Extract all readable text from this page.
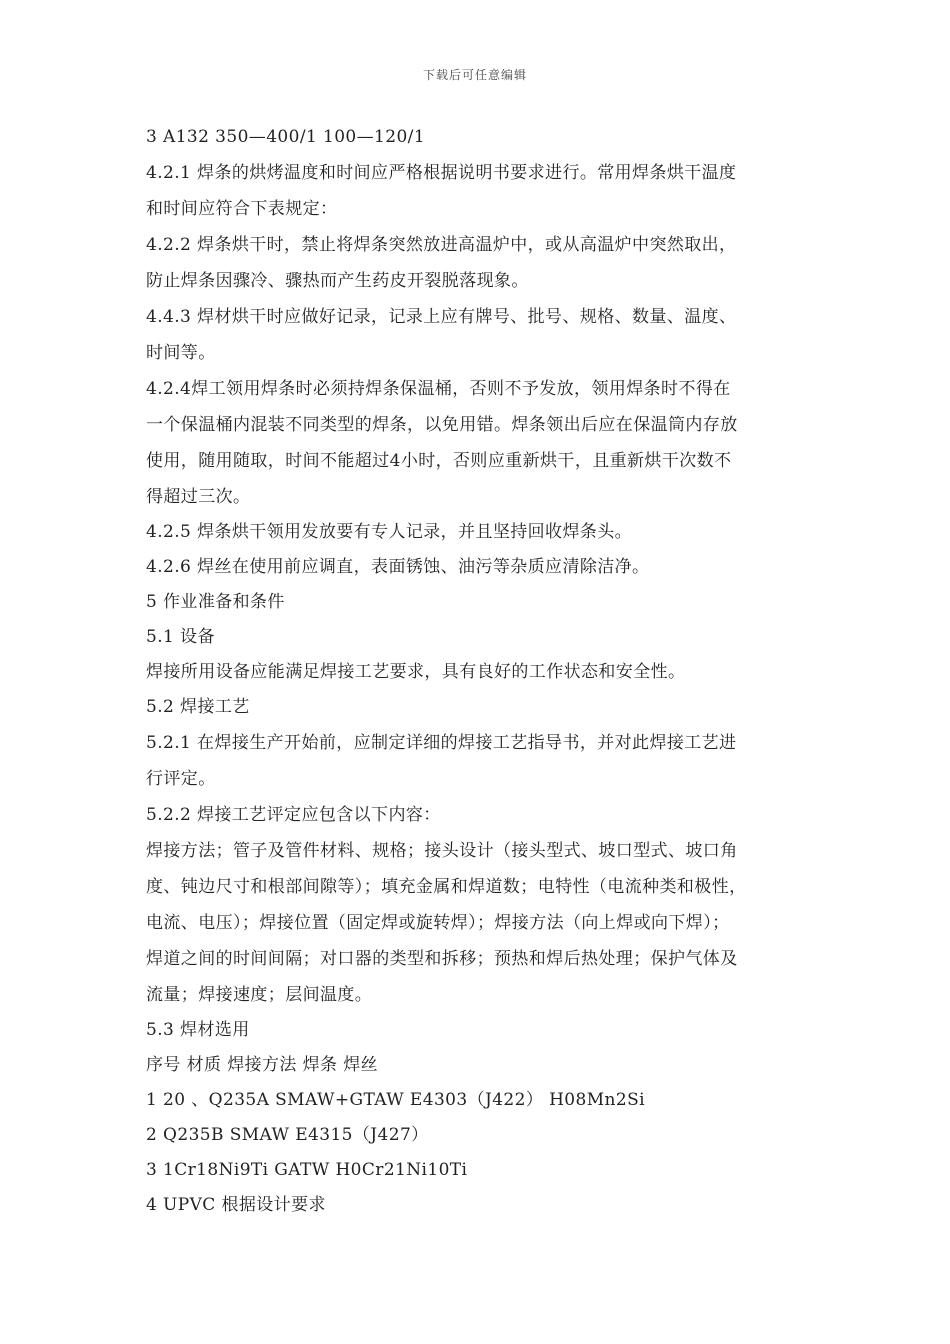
下载后可任意编辑
3 A132 350—400/1 100—120/1
4.2.1 焊条的烘烤温度和时间应严格根据说明书要求进行。常用焊条烘干温度
和时间应符合下表规定：
4.2.2 焊条烘干时，禁止将焊条突然放进高温炉中，或从高温炉中突然取出，
防止焊条因骤冷、骤热而产生药皮开裂脱落现象。
4.4.3 焊材烘干时应做好记录，记录上应有牌号、批号、规格、数量、温度、
时间等。
4.2.4焊工领用焊条时必须持焊条保温桶，否则不予发放，领用焊条时不得在
一个保温桶内混装不同类型的焊条，以免用错。焊条领出后应在保温筒内存放
使用，随用随取，时间不能超过4小时，否则应重新烘干，且重新烘干次数不
得超过三次。
4.2.5 焊条烘干领用发放要有专人记录，并且坚持回收焊条头。
4.2.6 焊丝在使用前应调直，表面锈蚀、油污等杂质应清除洁净。
5 作业准备和条件
5.1 设备
焊接所用设备应能满足焊接工艺要求，具有良好的工作状态和安全性。
5.2 焊接工艺
5.2.1 在焊接生产开始前，应制定详细的焊接工艺指导书，并对此焊接工艺进
行评定。
5.2.2 焊接工艺评定应包含以下内容：
焊接方法；管子及管件材料、规格；接头设计（接头型式、坡口型式、坡口角
度、钝边尺寸和根部间隙等）；填充金属和焊道数；电特性（电流种类和极性，
电流、电压）；焊接位置（固定焊或旋转焊）；焊接方法（向上焊或向下焊）；
焊道之间的时间间隔；对口器的类型和拆移；预热和焊后热处理；保护气体及
流量；焊接速度；层间温度。
5.3 焊材选用
序号 材质 焊接方法 焊条 焊丝
1 20 、Q235A SMAW+GTAW E4303（J422） H08Mn2Si
2 Q235B SMAW E4315（J427）
3 1Cr18Ni9Ti GATW H0Cr21Ni10Ti
4 UPVC 根据设计要求
